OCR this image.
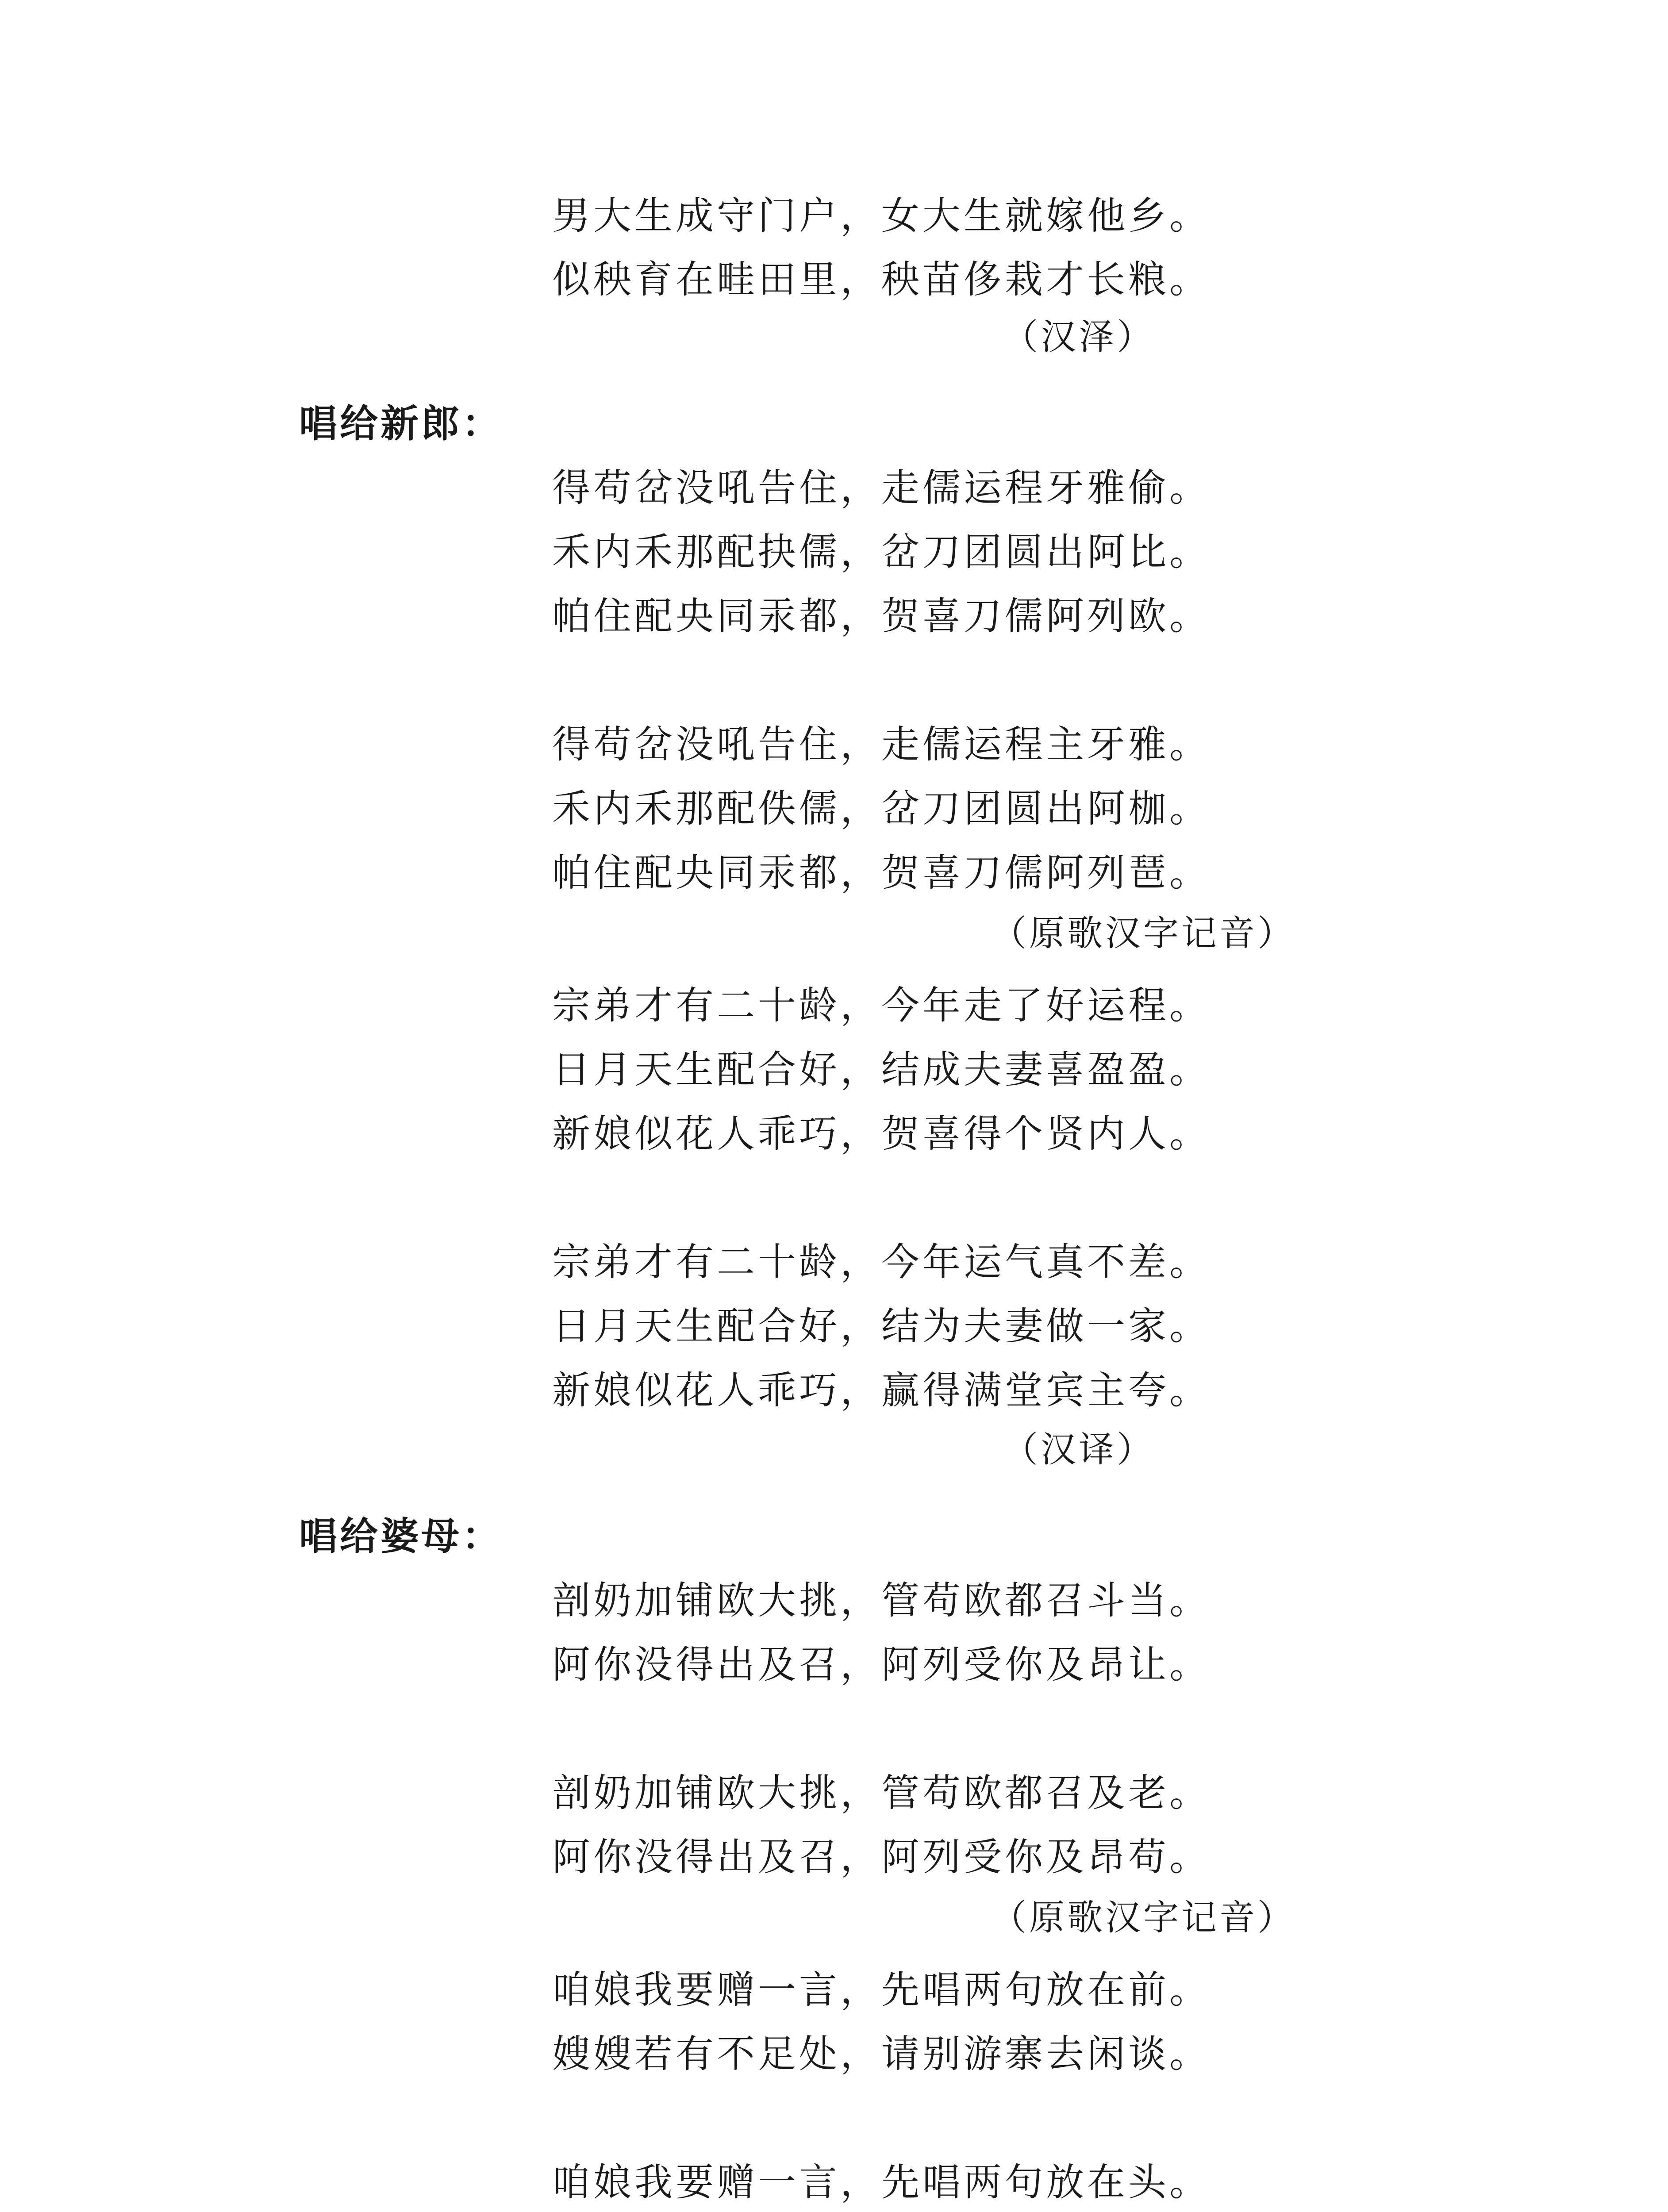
男大生成守门户，女大生就嫁他乡。
似秧育在畦田里，秧苗侈栽才长粮。
（汉泽）
唱给新郎：
得苟岔没吼告住，走儒运程牙雅偷。
禾内禾那配抉儒，岔刀团圆出阿比。
帕住配央同汞都，贺喜刀儒阿列欧。
得苟岔没吼告住，走儒运程主牙雅。
禾内禾那配佚儒，岔刀团圆出阿枷。
帕住配央同汞都，贺喜刀儒阿列琶。
（原歌汉字记音）
宗弟才有二十龄，今年走了好运程。
日月天生配合好，结成夫妻喜盈盈。
新娘似花人乖巧，贺喜得个贤内人。
宗弟才有二十龄，今年运气真不差。
日月天生配合好，结为夫妻做一家。
新娘似花人乖巧，赢得满堂宾主夸。
（汉译）
唱给婆母：
剖奶加铺欧大挑，管苟欧都召斗当。
阿你没得出及召，阿列受你及昂让。
剖奶加铺欧大挑，管苟欧都召及老。
阿你没得出及召，阿列受你及昂苟。
（原歌汉字记音）
咱娘我要赠一言，先唱两句放在前。
嫂嫂若有不足处，请别游寨去闲谈。
咱娘我要赠一言，先唱两句放在头。
